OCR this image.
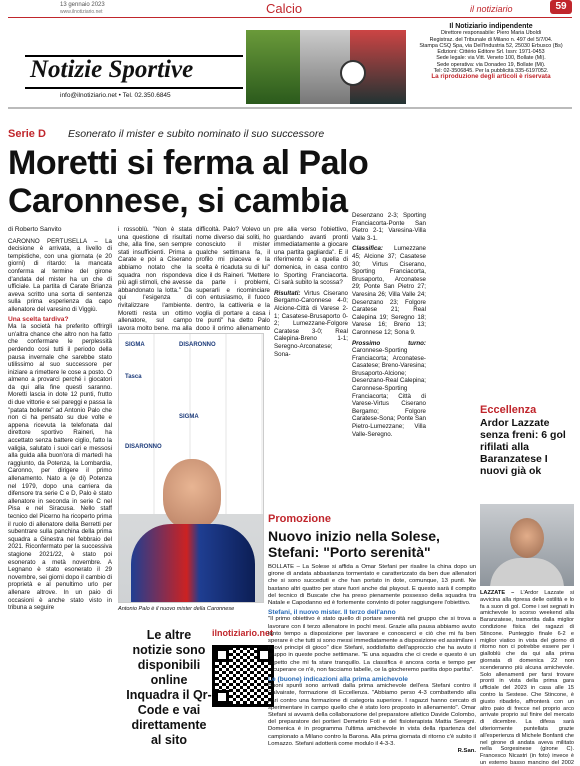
13 gennaio 2023
www.ilnotiziario.net	Calcio	il notiziario	59
Notizie Sportive
info@ilnotiziario.net • Tel. 02.350.6845
Il Notiziario indipendente
Direttore responsabile: Piero Maria Uboldi
Registraz. del Tribunale di Milano n. 497 del 5/7/04.
Stampa CSQ Spa, via Dell'Industria 52, 25030 Erbusco (Bs)
Edizioni: Cittério Editore Srl. Issn: 1971-0453
Sede legale: via Vitt. Veneto 100, Bollate (Mi).
Sede operativa: via Donadeo 19, Bollate (Mi).
Tel: 02-3506845. Per la pubblicità 335-6197052.
La riproduzione degli articoli è riservata
Serie D Esonerato il mister e subito nominato il suo successore
Moretti si ferma al Palo Caronnese, si cambia
di Roberto Sanvito
CARONNO PERTUSELLA – La decisione è arrivata, a livello di tempistiche, con una giornata (e 20 giorni) di ritardo: la mancata conferma al termine del girone d'andata del mister ha un che di ufficiale. La partita di Carate Brianza aveva scritto una sorta di sentenza sulla prima esperienza da capo allenatore del varesino di Viggiù.
Una scelta tardiva?
Ma la società ha preferito offrirgli un'altra chance che altro non ha fatto che confermare le perplessità perdendo così tutti il periodo della pausa invernale che sarebbe stato utilissimo al suo successore per iniziare a rimettere le cose a posto. O almeno a provarci perché i giocatori da qui alla fine questi saranno. Moretti lascia in dote 12 punti, frutto di due vittorie e sei pareggi e passa la "patata bollente" ad Antonio Palo che non ci ha pensato su due volte e appena ricevuta la telefonata dal direttore sportivo Raineri, ha accettato senza battere ciglio, fatto la valigia, salutato i suoi cari e messosi alla guida alla buon'ora di martedì ha raggiunto, da Potenza, la Lombardia, Caronno, per dirigere il primo allenamento. Nato a (e di) Potenza nel 1979, dopo una carriera da difensore tra serie C e D, Palo è stato allenatore in seconda in serie C nel Pisa e nel Siracusa. Nello staff tecnico del Picerno ha ricoperto prima il ruolo di allenatore della Berretti per subentrare sulla panchina della prima squadra a Ginestra nel febbraio del 2021. Riconfermato per la successiva stagione 2021/22, è stato poi esonerato a metà novembre. A Legnano è stato esonerato il 29 novembre, sei giorni dopo il cambio di proprietà e al penultimo urlo per allenare altrove. In un paio di occasioni è anche stato visto in tribuna a seguire
i rossoblù. "Non è stata una questione di risultati che, alla fine, sen sempre stati insufficienti. Prima a Carate e poi a Ciserano abbiamo notato che la squadra non rispondeva più agli stimoli, che avesse abbandonato la lotta." Da qui l'esigenza di rivitalizzare l'ambiente. Moretti resta un ottimo allenatore, sul campo lavora molto bene, ma alla
difficoltà. Palo? Volevo un nome diverso dai soliti, ho conosciuto il mister qualche settimana fa, il profilo mi piaceva e la scelta è ricaduta su di lui" dice il ds Raineri. "Mettere da parte i problemi, superarli e ricominciare con entusiasmo, il fuoco dentro, la cattiveria e la voglia di portare a casa i tre punti" ha detto Palo dopo il primo allenamento
pre alla verso l'obiettivo, guardando avanti pronti immediatamente a giocare una partita gagliarda". E il riferimento è a quella di domenica, in casa contro lo Sporting Franciacorta. Ci sarà subito la scossa?
Risultati: Virtus Ciserano Bergamo-Caronnese 4-0; Alcione-Città di Varese 2-1; Casatese-Brusaporto 0-2; Lumezzane-Folgore Caratese 3-0; Real Calepina-Breno 1-1; Seregno-Arconatese; Sona-
Desenzano 2-3; Sporting Franciacorta-Ponte San Pietro 2-1; Varesina-Villa Valle 3-1.
Classifica: Lumezzane 45; Alcione 37; Casatese 30; Virtus Ciserano, Sporting Franciacorta, Brusaporto, Arconatese 29; Ponte San Pietro 27; Varesina 26; Villa Valle 24; Desenzano 23; Folgore Caratese 21; Real Calepina 19; Seregno 18; Varese 16; Breno 13; Caronnese 12; Sona 9.
Prossimo turno: Caronnese-Sporting Franciacorta; Arconatese-Casatese; Breno-Varesina; Brusaporto-Alcione; Desenzano-Real Calepina; Caronnese-Sporting Franciacorta; Città di Varese-Virtus Ciserano Bergamo; Folgore Caratese-Sona; Ponte San Pietro-Lumezzane; Villa Valle-Seregno.
SIGMA	DISARONNO
Tasca
SIGMA
DISARONNO
Antonio Palo è il nuovo mister della Caronnese
Le altre notizie sono disponibili online Inquadra il Qr-Code e vai direttamente al sito
ilnotiziario.net
Promozione
Nuovo inizio nella Solese, Stefani: "Porto serenità"
BOLLATE – La Solese si affida a Omar Stefani per risalire la china dopo un girone di andata abbastanza tormentato e caratterizzato da ben due allenatori che si sono succeduti e che han portato in dote, comunque, 13 punti. Ne bastano altri quattro per stare fuori anche dai playout. E questo sarà il compito del tecnico di Buscate che ha preso pienamente possesso della squadra tra Natale e Capodanno ed è fortemente convinto di poter raggiungere l'obiettivo.
Stefani, il nuovo mister. Il terzo dell'anno
"Il primo obiettivo è stato quello di portare serenità nel gruppo che si trova a lavorare con il terzo allenatore in pochi mesi. Grazie alla pausa abbiamo avuto tanto tempo a disposizione per lavorare e conoscerci e ciò che mi fa ben sperare è che tutti si sono messi immediatamente a disposizione ed assimilare i nuovi principi di gioco" dice Stefani, soddisfatto dell'approccio che ha avuto il gruppo in queste poche settimane. "E una squadra che ci crede e questo è un aspetto che mi fa stare tranquillo. La classifica è ancora corta e tempo per recuperare ce n'è, non facciamo tabelle, ce la giocheremo partita dopo partita".
Le (buone) indicazioni alla prima amichevole
Buoni spunti sono arrivati dalla prima amichevole dell'era Stefani contro il Calvairate, formazione di Eccellenza. "Abbiamo perso 4-3 combattendo alla pari contro una formazione di categoria superiore. I ragazzi hanno cercato di sperimentare in campo quello che è stato loro proposto in allenamento". Omar Stefani si avvarrà della collaborazione del preparatore atletico Davide Colombo, del preparatore dei portieri Demetrio Foti e del fisioterapista Mattia Seregni. Domenica è in programma l'ultima amichevole in vista della ripartenza del campionato a Milano contro la Barona. Alla prima giornata di ritorno c'è subito il Lomazzo. Stefani adotterà come modulo il 4-3-3.
R.San.
Eccellenza
Ardor Lazzate senza freni: 6 gol rifilati alla Baranzatese I nuovi già ok
LAZZATE – L'Ardor Lazzate si avvicina alla ripresa delle ostilità e lo fa a suon di gol. Come i sei segnati in amichevole lo scorso weekend alla Baranzatese, tramortita dalla miglior condizione fisica dei ragazzi di Stincone. Punteggio finale 6-2 e miglior viatico in vista del giorno di ritorno non ci potrebbe essere per i gialloblù che da qui alla prima giornata di domenica 22 non scenderanno più alcuna amichevole. Solo allenamenti per farsi trovare pronti in vista della prima gara ufficiale del 2023 in casa alle 15 contro la Sestese. Che Stincone, è giusto ribadirlo, affronterà con un altro paio di frecce nel proprio arco arrivate proprio sul finire del mercato di dicembre. La difesa sarà ulteriormente puntellata grazie all'esperienza di Michele Bonfanti che nel girone di andata aveva militato nella Sorgesinese (girone C). Francesco Nicastri (in foto) invece è un esterno basso mancino del 2002
